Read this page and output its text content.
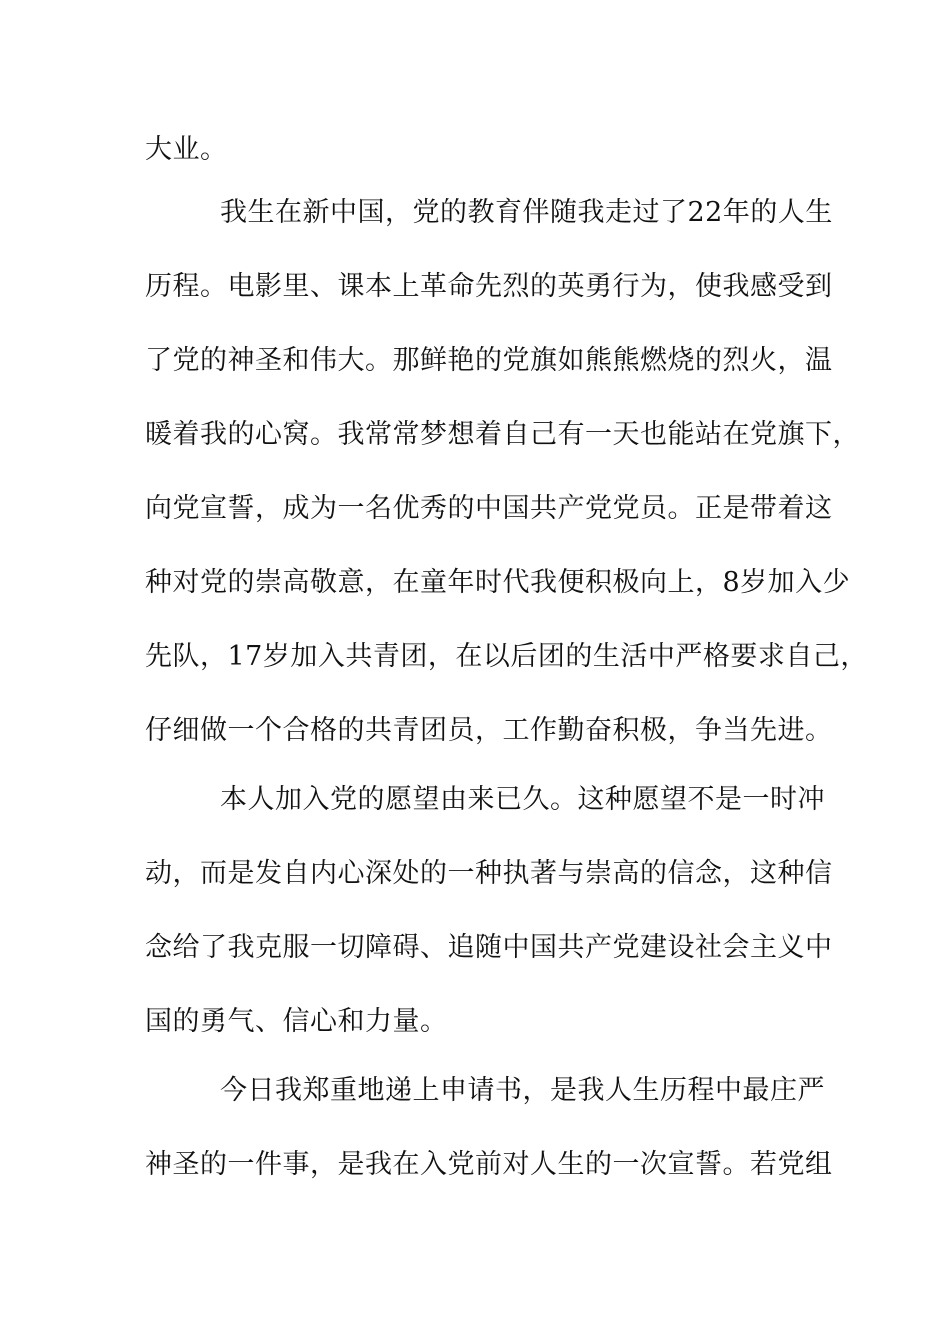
大业。
我生在新中国，党的教育伴随我走过了22年的人生
历程。电影里、课本上革命先烈的英勇行为，使我感受到
了党的神圣和伟大。那鲜艳的党旗如熊熊燃烧的烈火，温
暖着我的心窝。我常常梦想着自己有一天也能站在党旗下，
向党宣誓，成为一名优秀的中国共产党党员。正是带着这
种对党的崇高敬意，在童年时代我便积极向上，8岁加入少
先队，17岁加入共青团，在以后团的生活中严格要求自己，
仔细做一个合格的共青团员，工作勤奋积极，争当先进。
本人加入党的愿望由来已久。这种愿望不是一时冲
动，而是发自内心深处的一种执著与崇高的信念，这种信
念给了我克服一切障碍、追随中国共产党建设社会主义中
国的勇气、信心和力量。
今日我郑重地递上申请书，是我人生历程中最庄严
神圣的一件事，是我在入党前对人生的一次宣誓。若党组
